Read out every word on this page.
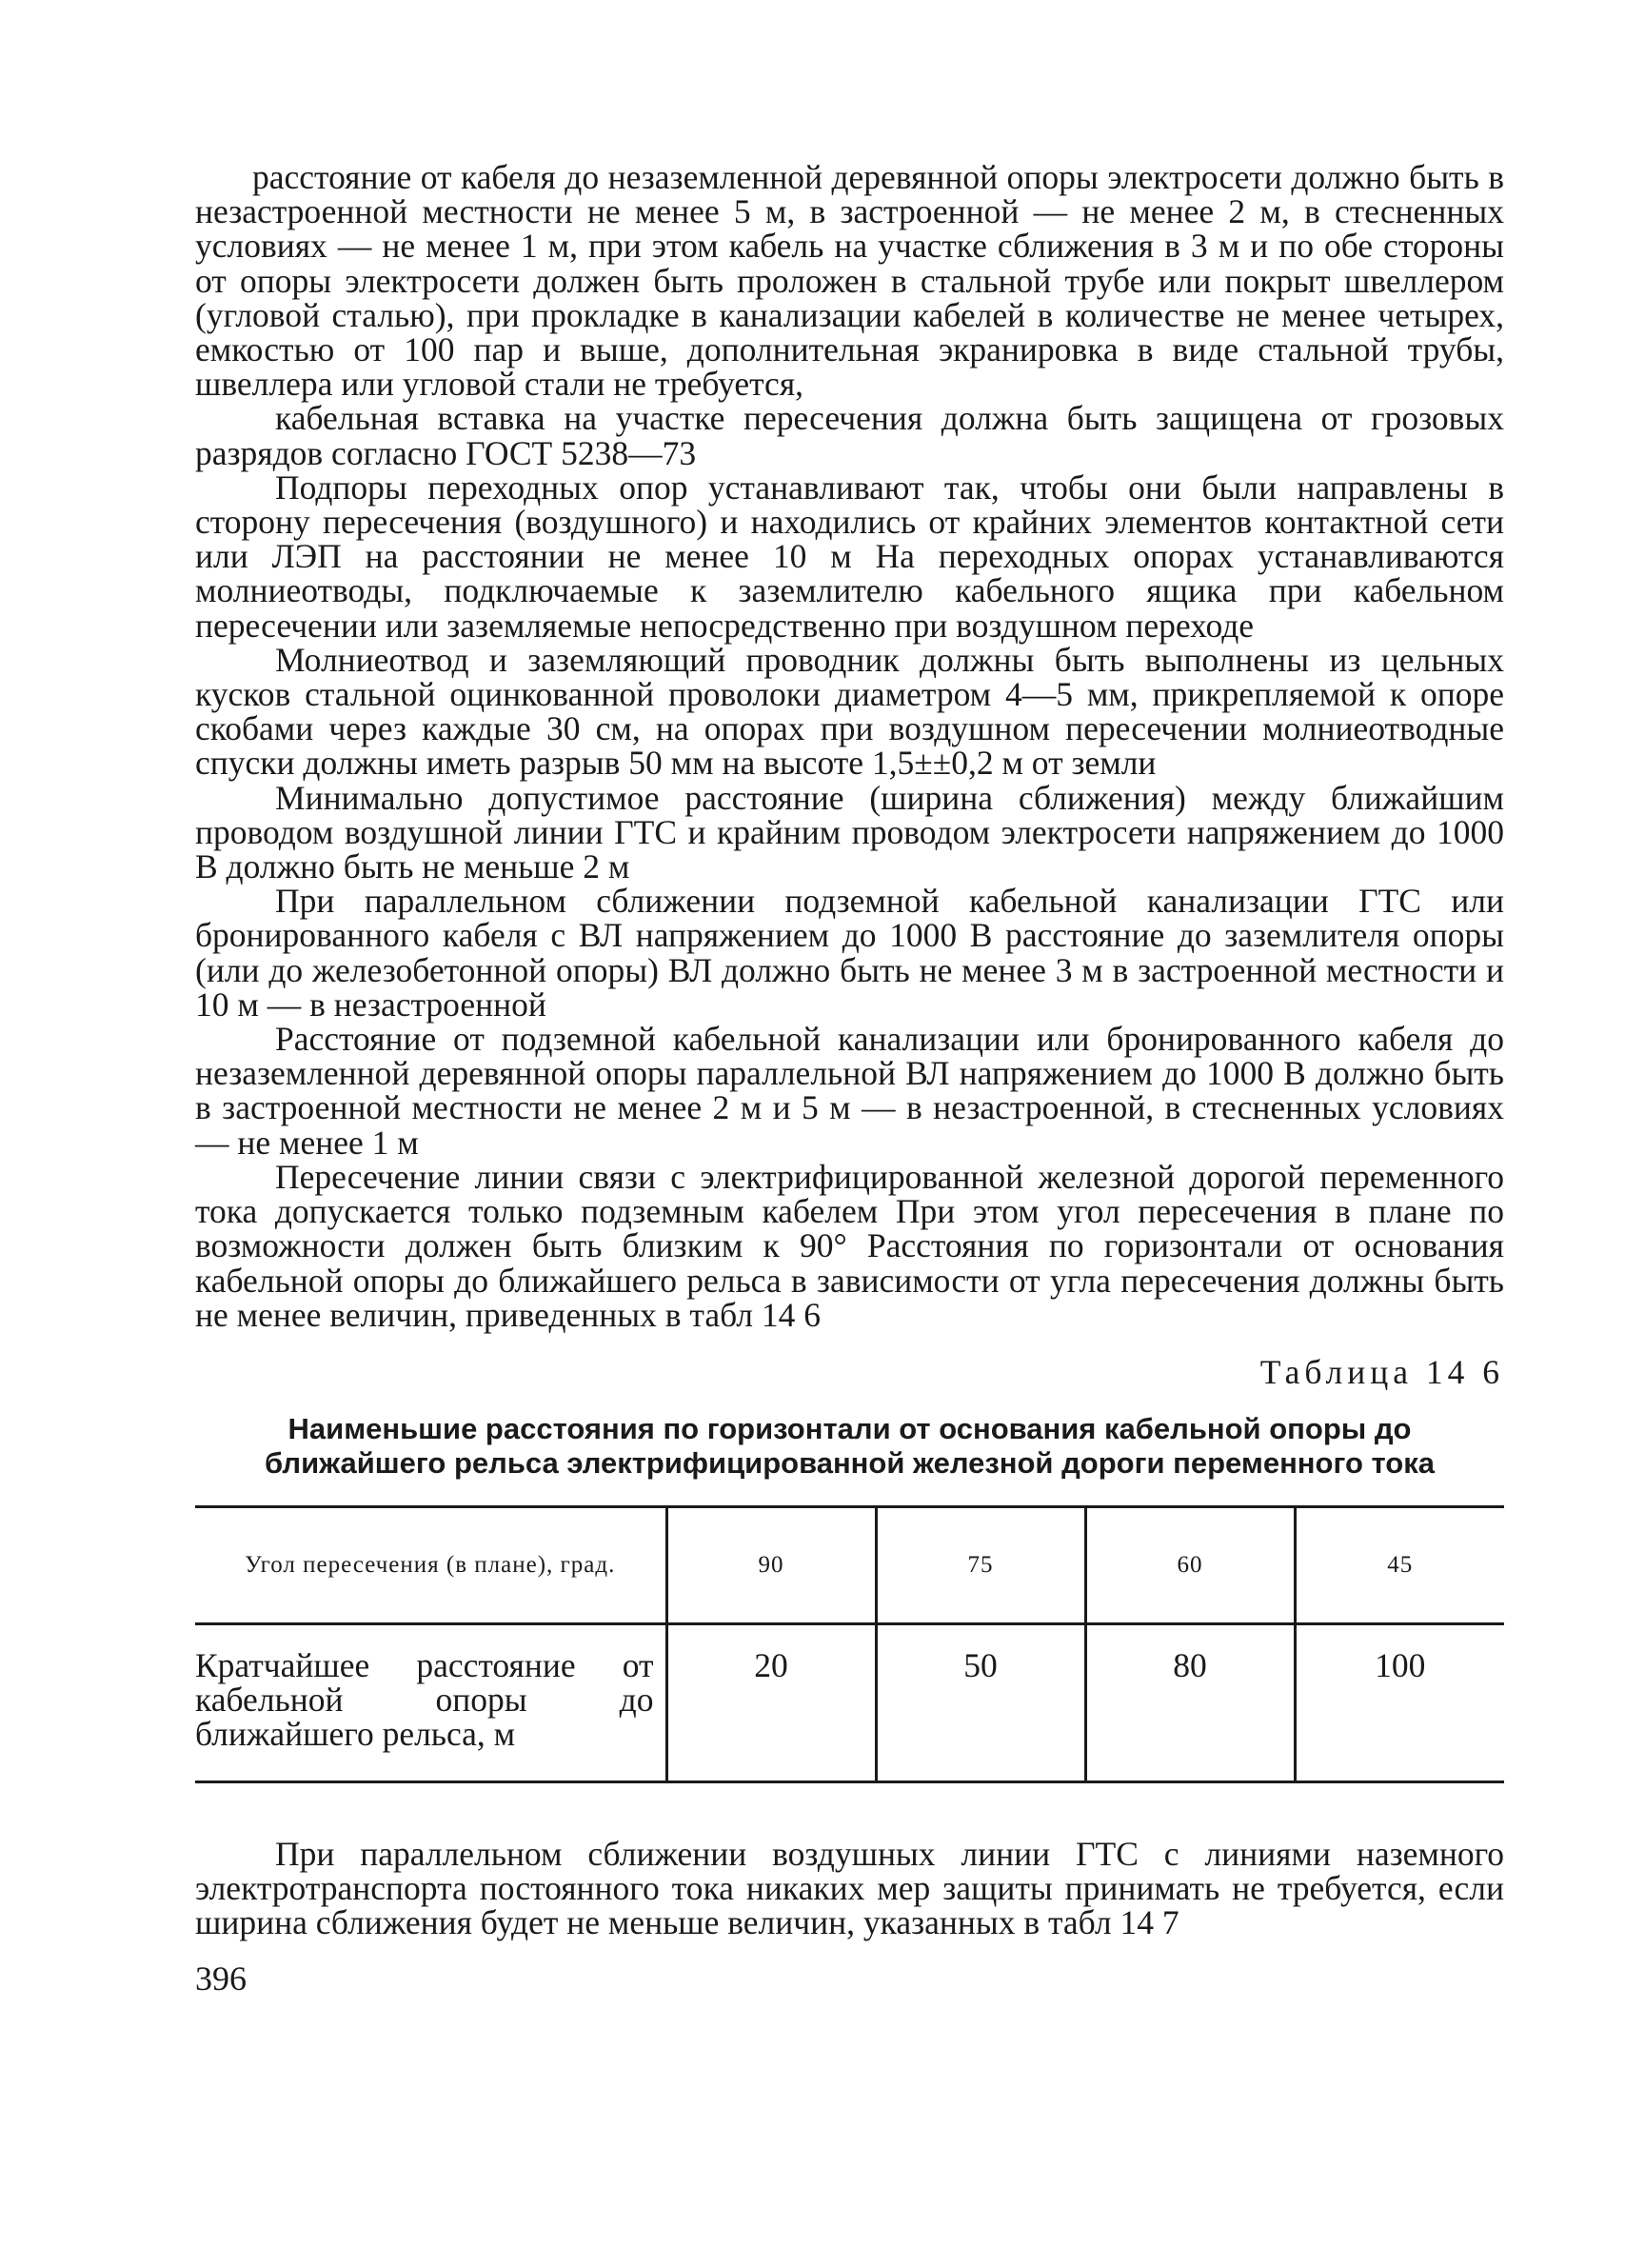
расстояние от кабеля до незаземленной деревянной опоры электросети должно быть в незастроенной местности не менее 5 м, в застроенной — не менее 2 м, в стесненных условиях — не менее 1 м, при этом кабель на участке сближения в 3 м и по обе стороны от опоры электросети должен быть проложен в стальной трубе или покрыт швеллером (угловой сталью), при прокладке в канализации кабелей в количестве не менее четырех, емкостью от 100 пар и выше, дополнительная экранировка в виде стальной трубы, швеллера или угловой стали не требуется,

кабельная вставка на участке пересечения должна быть защищена от грозовых разрядов согласно ГОСТ 5238—73

Подпоры переходных опор устанавливают так, чтобы они были направлены в сторону пересечения (воздушного) и находились от крайних элементов контактной сети или ЛЭП на расстоянии не менее 10 м На переходных опорах устанавливаются молниеотводы, подключаемые к заземлителю кабельного ящика при кабельном пересечении или заземляемые непосредственно при воздушном переходе

Молниеотвод и заземляющий проводник должны быть выполнены из цельных кусков стальной оцинкованной проволоки диаметром 4—5 мм, прикрепляемой к опоре скобами через каждые 30 см, на опорах при воздушном пересечении молниеотводные спуски должны иметь разрыв 50 мм на высоте 1,5±±0,2 м от земли

Минимально допустимое расстояние (ширина сближения) между ближайшим проводом воздушной линии ГТС и крайним проводом электросети напряжением до 1000 В должно быть не меньше 2 м

При параллельном сближении подземной кабельной канализации ГТС или бронированного кабеля с ВЛ напряжением до 1000 В расстояние до заземлителя опоры (или до железобетонной опоры) ВЛ должно быть не менее 3 м в застроенной местности и 10 м — в незастроенной

Расстояние от подземной кабельной канализации или бронированного кабеля до незаземленной деревянной опоры параллельной ВЛ напряжением до 1000 В должно быть в застроенной местности не менее 2 м и 5 м — в незастроенной, в стесненных условиях — не менее 1 м

Пересечение линии связи с электрифицированной железной дорогой переменного тока допускается только подземным кабелем При этом угол пересечения в плане по возможности должен быть близким к 90° Расстояния по горизонтали от основания кабельной опоры до ближайшего рельса в зависимости от угла пересечения должны быть не менее величин, приведенных в табл 14 6

Таблица 14 6
Наименьшие расстояния по горизонтали от основания кабельной опоры до ближайшего рельса электрифицированной железной дороги переменного тока
Угол пересечения (в плане), град.	90	75	60	45
Кратчайшее расстояние от кабельной опоры до ближайшего рельса, м	20	50	80	100

При параллельном сближении воздушных линии ГТС с линиями наземного электротранспорта постоянного тока никаких мер защиты принимать не требуется, если ширина сближения будет не меньше величин, указанных в табл 14 7

396
